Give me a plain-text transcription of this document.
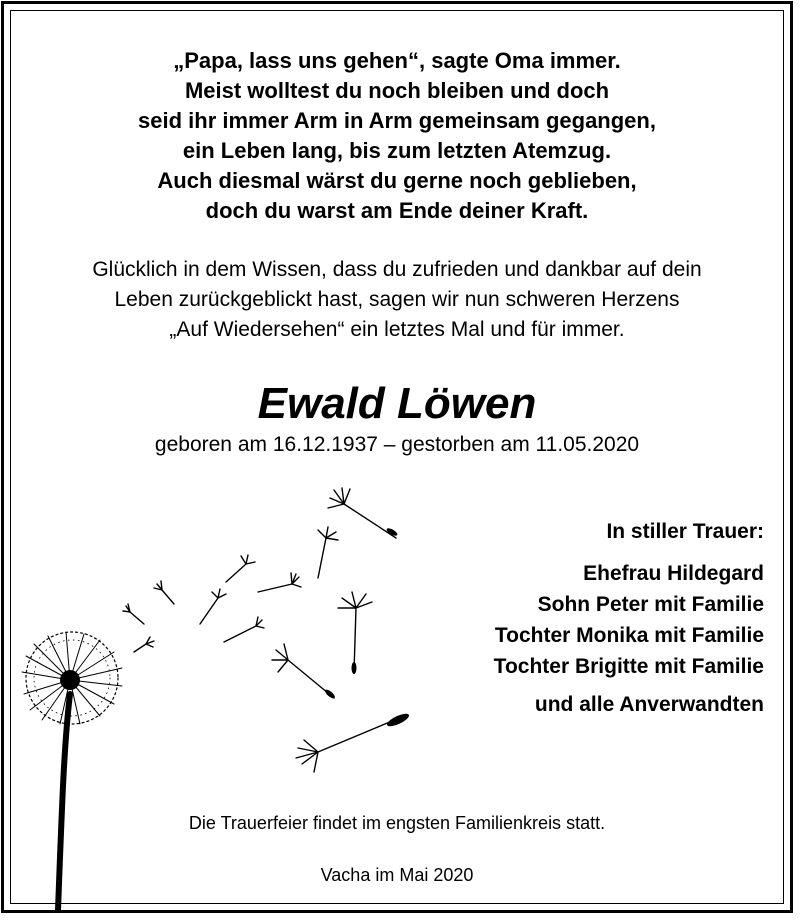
„Papa, lass uns gehen“, sagte Oma immer.
Meist wolltest du noch bleiben und doch
seid ihr immer Arm in Arm gemeinsam gegangen,
ein Leben lang, bis zum letzten Atemzug.
Auch diesmal wärst du gerne noch geblieben,
doch du warst am Ende deiner Kraft.
Glücklich in dem Wissen, dass du zufrieden und dankbar auf dein
Leben zurückgeblickt hast, sagen wir nun schweren Herzens
„Auf Wiedersehen“ ein letztes Mal und für immer.
Ewald Löwen
geboren am 16.12.1937 – gestorben am 11.05.2020
In stiller Trauer:
Ehefrau Hildegard
Sohn Peter mit Familie
Tochter Monika mit Familie
Tochter Brigitte mit Familie
und alle Anverwandten
Die Trauerfeier findet im engsten Familienkreis statt.
Vacha im Mai 2020
